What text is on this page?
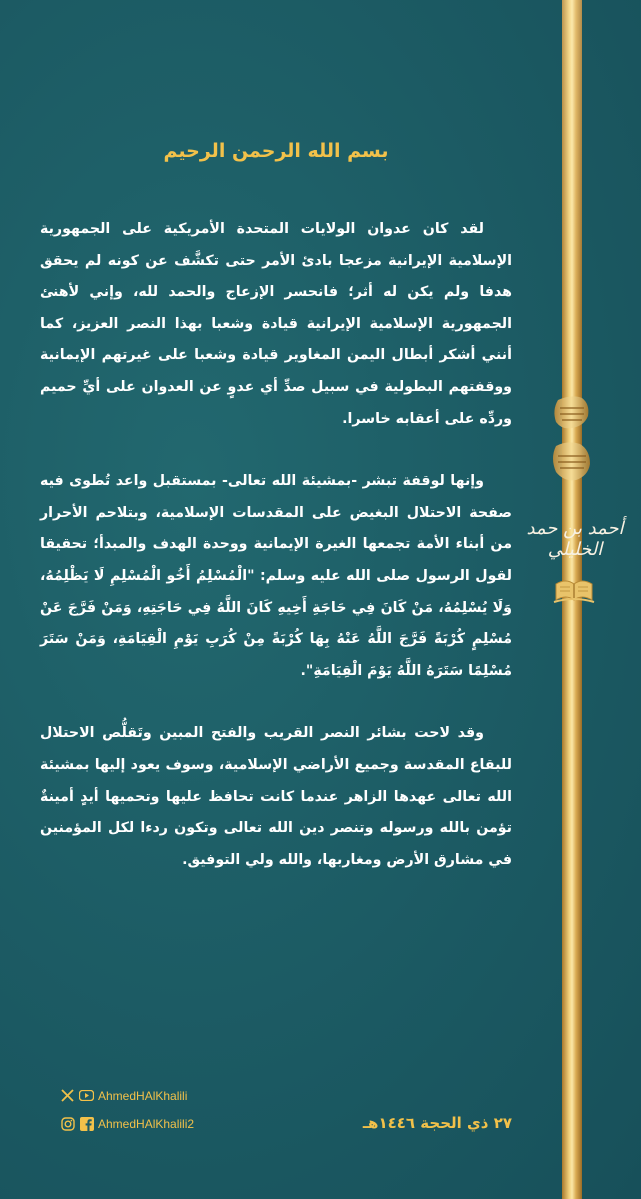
أحمد بن حمد الخليلي
بسم الله الرحمن الرحيم

لقد كان عدوان الولايات المتحدة الأمريكية على الجمهورية الإسلامية الإيرانية مزعجا بادئ الأمر حتى تكشَّف عن كونه لم يحقق هدفا ولم يكن له أثر؛ فانحسر الإزعاج والحمد لله، وإني لأهنئ الجمهورية الإسلامية الإيرانية قيادة وشعبا بهذا النصر العزيز، كما أنني أشكر أبطال اليمن المغاوير قيادة وشعبا على غيرتهم الإيمانية ووقفتهم البطولية في سبيل صدِّ أي عدوٍ عن العدوان على أيِّ حميم وردِّه على أعقابه خاسرا.

وإنها لوقفة تبشر -بمشيئة الله تعالى- بمستقبل واعد تُطوى فيه صفحة الاحتلال البغيض على المقدسات الإسلامية، وبتلاحم الأحرار من أبناء الأمة تجمعها الغيرة الإيمانية ووحدة الهدف والمبدأ؛ تحقيقا لقول الرسول صلى الله عليه وسلم: "الْمُسْلِمُ أَخُو الْمُسْلِمِ لَا يَظْلِمُهُ، وَلَا يُسْلِمُهُ، مَنْ كَانَ فِي حَاجَةِ أَخِيهِ كَانَ اللَّهُ فِي حَاجَتِهِ، وَمَنْ فَرَّجَ عَنْ مُسْلِمٍ كُرْبَةً فَرَّجَ اللَّهُ عَنْهُ بِهَا كُرْبَةً مِنْ كُرَبِ يَوْمِ الْقِيَامَةِ، وَمَنْ سَتَرَ مُسْلِمًا سَتَرَهُ اللَّهُ يَوْمَ الْقِيَامَةِ".

وقد لاحت بشائر النصر القريب والفتح المبين وتَقلُّص الاحتلال للبقاع المقدسة وجميع الأراضي الإسلامية، وسوف يعود إليها بمشيئة الله تعالى عهدها الزاهر عندما كانت تحافظ عليها وتحميها أيدٍ أمينةٌ تؤمن بالله ورسوله وتنصر دين الله تعالى وتكون ردءا لكل المؤمنين في مشارق الأرض ومغاربها، والله ولي التوفيق.

AhmedHAlKhalili
AhmedHAlKhalili2	٢٧ ذي الحجة ١٤٤٦هـ
